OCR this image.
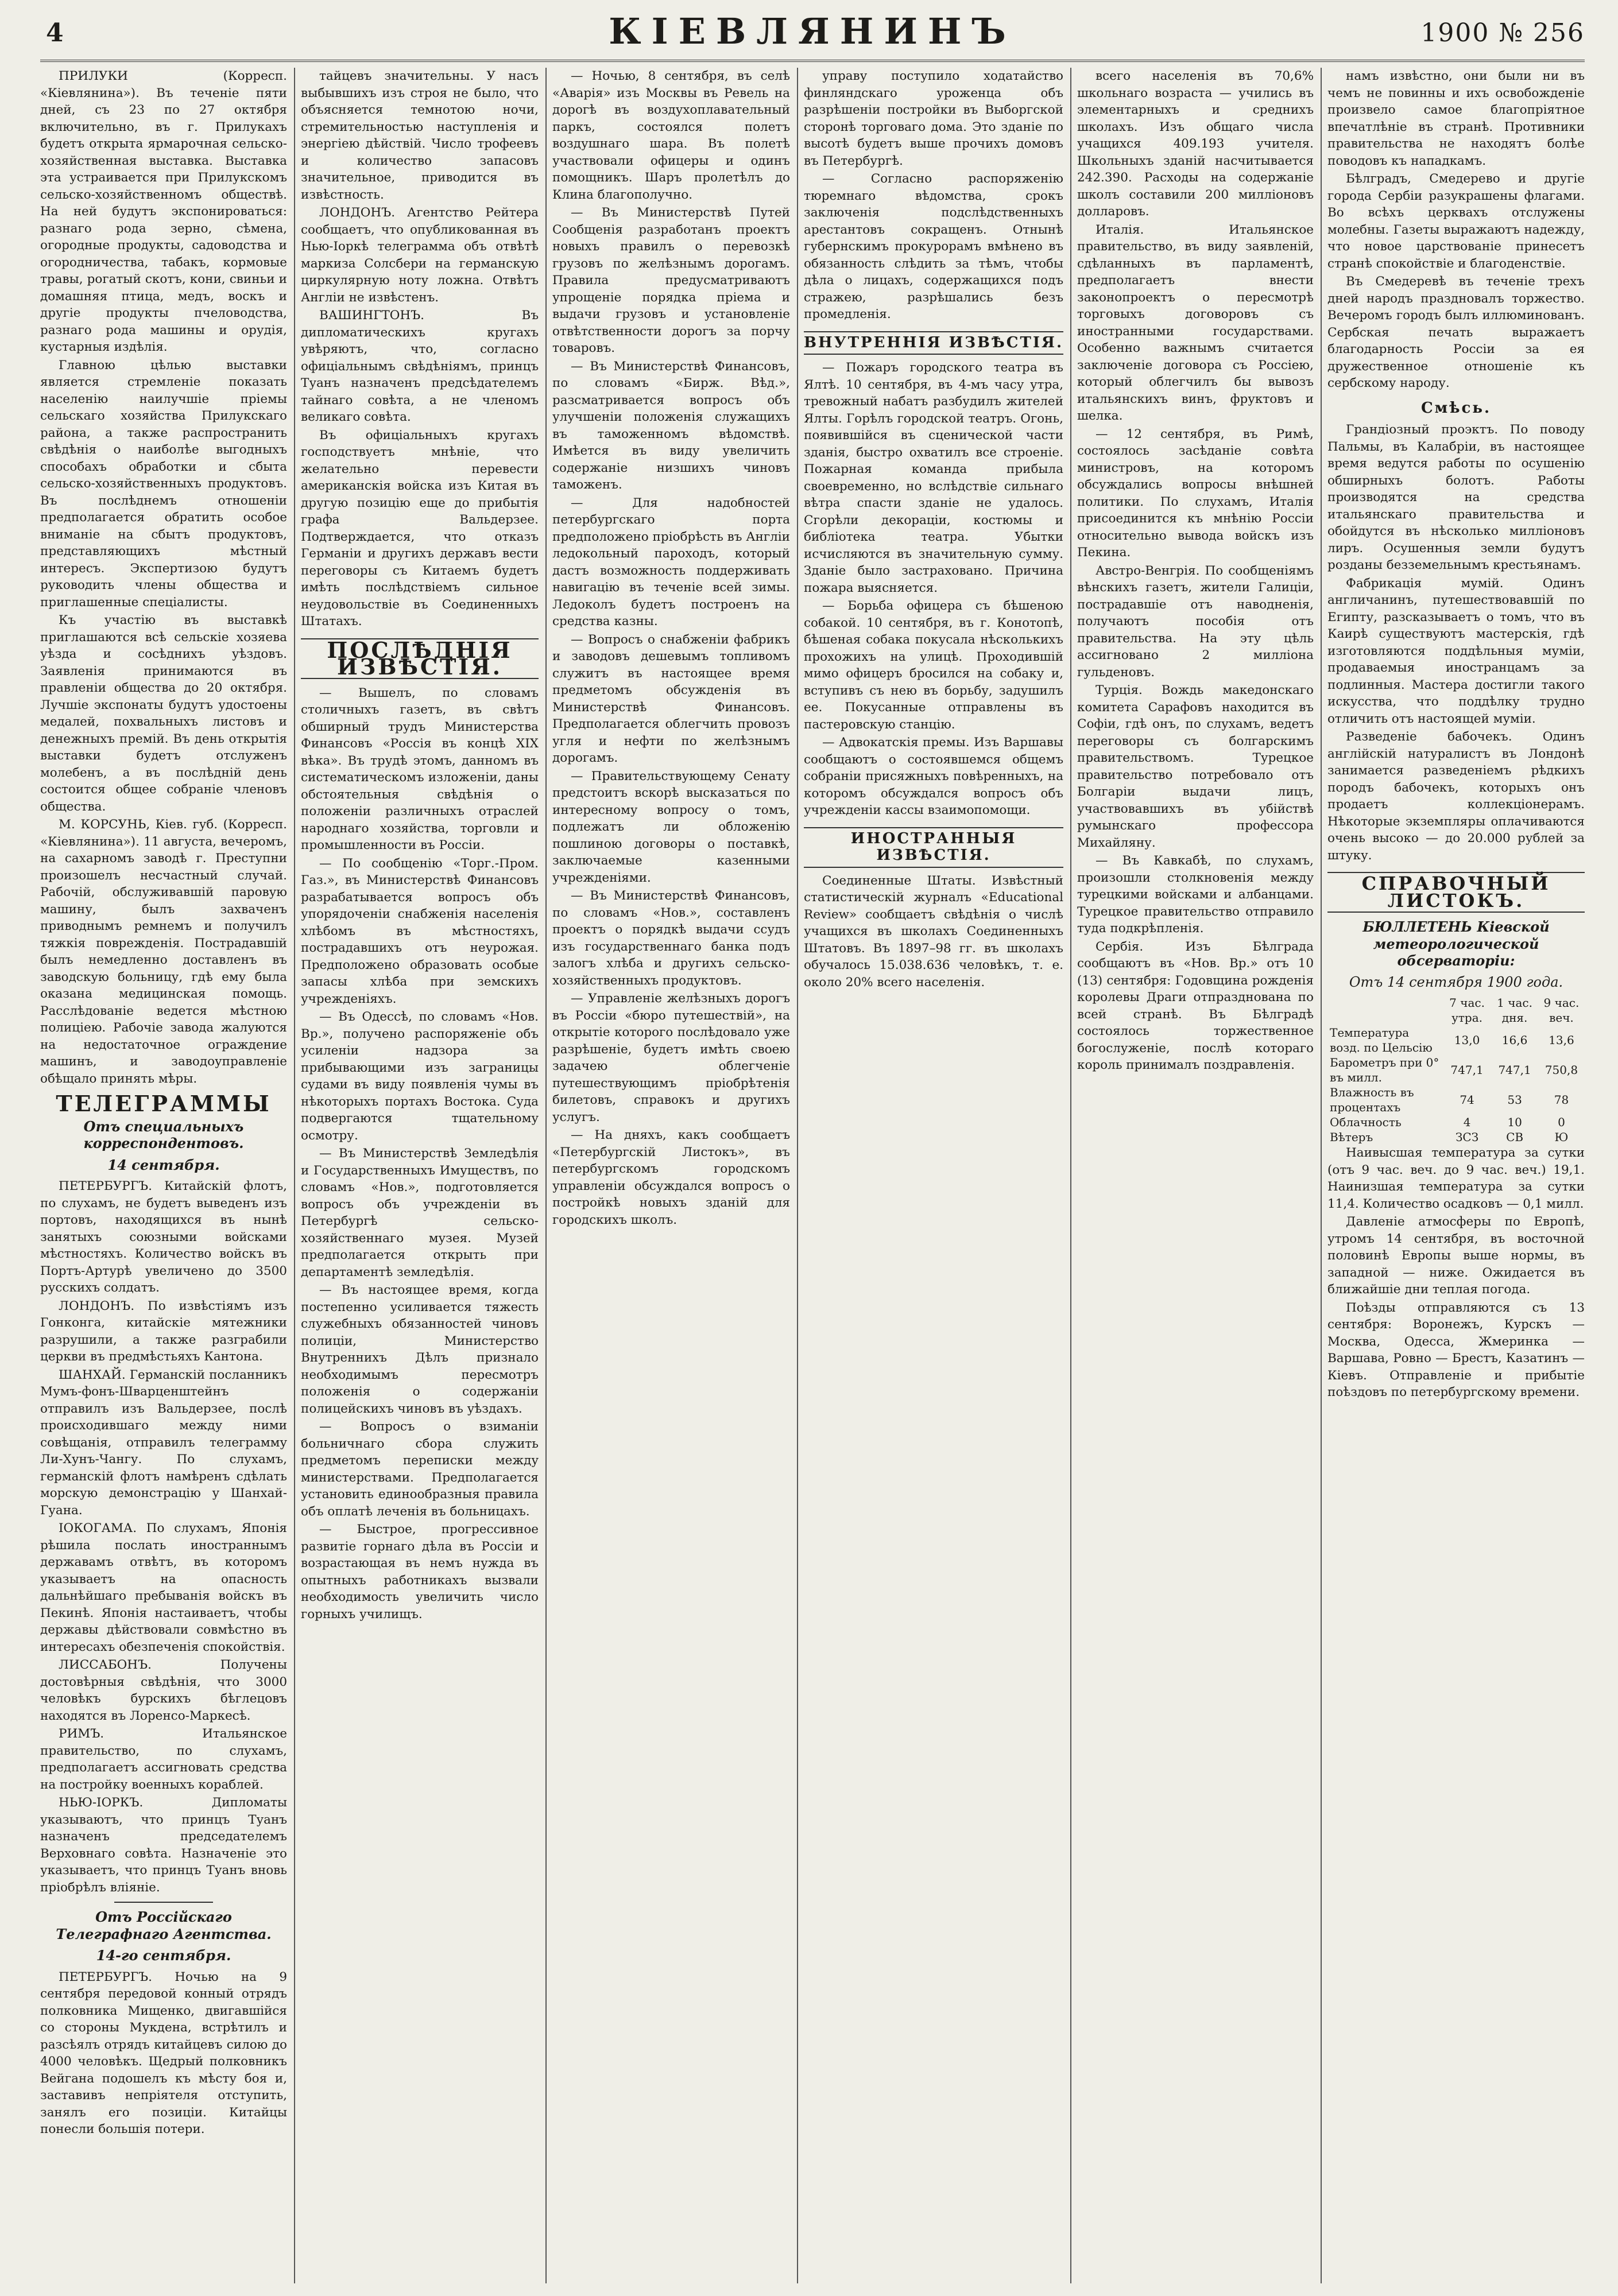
4	КІЕВЛЯНИНЪ	1900 № 256

ПРИЛУКИ (Корресп. «Кіевлянина»). Въ теченіе пяти дней, съ 23 по 27 октября включительно, въ г. Прилукахъ будетъ открыта ярмарочная сельско-хозяйственная выставка. Выставка эта устраивается при Прилукскомъ сельско-хозяйственномъ обществѣ. На ней будутъ экспонироваться: разнаго рода зерно, сѣмена, огородные продукты, садоводства и огородничества, табакъ, кормовые травы, рогатый скотъ, кони, свиньи и домашняя птица, медъ, воскъ и другіе продукты пчеловодства, разнаго рода машины и орудія, кустарныя издѣлія.

Главною цѣлью выставки является стремленіе показать населенію наилучшіе пріемы сельскаго хозяйства Прилукскаго района, а также распространить свѣдѣнія о наиболѣе выгодныхъ способахъ обработки и сбыта сельско-хозяйственныхъ продуктовъ. Въ послѣднемъ отношеніи предполагается обратить особое вниманіе на сбытъ продуктовъ, представляющихъ мѣстный интересъ. Экспертизою будутъ руководить члены общества и приглашенные спеціалисты.

Къ участію въ выставкѣ приглашаются всѣ сельскіе хозяева уѣзда и сосѣднихъ уѣздовъ. Заявленія принимаются въ правленіи общества до 20 октября. Лучшіе экспонаты будутъ удостоены медалей, похвальныхъ листовъ и денежныхъ премій. Въ день открытія выставки будетъ отслуженъ молебенъ, а въ послѣдній день состоится общее собраніе членовъ общества.

М. КОРСУНЬ, Кіев. губ. (Корресп. «Кіевлянина»). 11 августа, вечеромъ, на сахарномъ заводѣ г. Преступни произошелъ несчастный случай. Рабочій, обслуживавшій паровую машину, былъ захваченъ приводнымъ ремнемъ и получилъ тяжкія поврежденія. Пострадавшій былъ немедленно доставленъ въ заводскую больницу, гдѣ ему была оказана медицинская помощь. Расслѣдованіе ведется мѣстною полиціею. Рабочіе завода жалуются на недостаточное ограждение машинъ, и заводоуправленіе обѣщало принять мѣры.

ТЕЛЕГРАММЫ
Отъ специальныхъ корреспондентовъ.
14 сентября.

ПЕТЕРБУРГЪ. Китайскій флотъ, по слухамъ, не будетъ выведенъ изъ портовъ, находящихся въ нынѣ занятыхъ союзными войсками мѣстностяхъ. Количество войскъ въ Портъ-Артурѣ увеличено до 3500 русскихъ солдатъ.

ЛОНДОНЪ. По извѣстіямъ изъ Гонконга, китайскіе мятежники разрушили, а также разграбили церкви въ предмѣстьяхъ Кантона.

ШАНХАЙ. Германскій посланникъ Мумъ-фонъ-Шварценштейнъ отправилъ изъ Вальдерзее, послѣ происходившаго между ними совѣщанія, отправилъ телеграмму Ли-Хунъ-Чангу. По слухамъ, германскій флотъ намѣренъ сдѣлать морскую демонстрацію у Шанхай-Гуана.

ІОКОГАМА. По слухамъ, Японія рѣшила послать иностраннымъ державамъ отвѣтъ, въ которомъ указываетъ на опасность дальнѣйшаго пребыванія войскъ въ Пекинѣ. Японія настаиваетъ, чтобы державы дѣйствовали совмѣстно въ интересахъ обезпеченія спокойствія.

ЛИССАБОНЪ. Получены достовѣрныя свѣдѣнія, что 3000 человѣкъ бурскихъ бѣглецовъ находятся въ Лоренсо-Маркесѣ.

РИМЪ. Итальянское правительство, по слухамъ, предполагаетъ ассигновать средства на постройку военныхъ кораблей.

НЬЮ-ІОРКЪ. Дипломаты указываютъ, что принцъ Туанъ назначенъ председателемъ Верховнаго совѣта. Назначеніе это указываетъ, что принцъ Туанъ вновь пріобрѣлъ вліяніе.

Отъ Россійскаго Телеграфнаго Агентства.
14-го сентября.

ПЕТЕРБУРГЪ. Ночью на 9 сентября передовой конный отрядъ полковника Мищенко, двигавшійся со стороны Мукдена, встрѣтилъ и разсѣялъ отрядъ китайцевъ силою до 4000 человѣкъ. Щедрый полковникъ Вейгана подошелъ къ мѣсту боя и, заставивъ непріятеля отступить, занялъ его позиціи. Китайцы понесли большія потери.

тайцевъ значительны. У насъ выбывшихъ изъ строя не было, что объясняется темнотою ночи, стремительностью наступленія и энергіею дѣйствій. Число трофеевъ и количество запасовъ значительное, приводится въ извѣстность.

ЛОНДОНЪ. Агентство Рейтера сообщаетъ, что опубликованная въ Нью-Іоркѣ телеграмма объ отвѣтѣ маркиза Солсбери на германскую циркулярную ноту ложна. Отвѣтъ Англіи не извѣстенъ.

ВАШИНГТОНЪ. Въ дипломатическихъ кругахъ увѣряютъ, что, согласно офиціальнымъ свѣдѣніямъ, принцъ Туанъ назначенъ предсѣдателемъ тайнаго совѣта, а не членомъ великаго совѣта.

Въ офиціальныхъ кругахъ господствуетъ мнѣніе, что желательно перевести американскія войска изъ Китая въ другую позицію еще до прибытія графа Вальдерзее. Подтверждается, что отказъ Германіи и другихъ державъ вести переговоры съ Китаемъ будетъ имѣть послѣдствіемъ сильное неудовольствіе въ Соединенныхъ Штатахъ.

ПОСЛѢДНІЯ ИЗВѢСТІЯ.

— Вышелъ, по словамъ столичныхъ газетъ, въ свѣтъ обширный трудъ Министерства Финансовъ «Россія въ концѣ XIX вѣка». Въ трудѣ этомъ, данномъ въ систематическомъ изложеніи, даны обстоятельныя свѣдѣнія о положеніи различныхъ отраслей народнаго хозяйства, торговли и промышленности въ Россіи.

— По сообщенію «Торг.-Пром. Газ.», въ Министерствѣ Финансовъ разрабатывается вопросъ объ упорядоченіи снабженія населенія хлѣбомъ въ мѣстностяхъ, пострадавшихъ отъ неурожая. Предположено образовать особые запасы хлѣба при земскихъ учрежденіяхъ.

— Въ Одессѣ, по словамъ «Нов. Вр.», получено распоряженіе объ усиленіи надзора за прибывающими изъ заграницы судами въ виду появленія чумы въ нѣкоторыхъ портахъ Востока. Суда подвергаются тщательному осмотру.

— Въ Министерствѣ Земледѣлія и Государственныхъ Имуществъ, по словамъ «Нов.», подготовляется вопросъ объ учрежденіи въ Петербургѣ сельско-хозяйственнаго музея. Музей предполагается открыть при департаментѣ земледѣлія.

— Въ настоящее время, когда постепенно усиливается тяжесть служебныхъ обязанностей чиновъ полиціи, Министерство Внутреннихъ Дѣлъ признало необходимымъ пересмотръ положенія о содержаніи полицейскихъ чиновъ въ уѣздахъ.

— Вопросъ о взиманіи больничнаго сбора служить предметомъ переписки между министерствами. Предполагается установить единообразныя правила объ оплатѣ леченія въ больницахъ.

— Быстрое, прогрессивное развитіе горнаго дѣла въ Россіи и возрастающая въ немъ нужда въ опытныхъ работникахъ вызвали необходимость увеличить число горныхъ училищъ.

— Ночью, 8 сентября, въ селѣ «Аварія» изъ Москвы въ Ревель на дорогѣ въ воздухоплавательный паркъ, состоялся полетъ воздушнаго шара. Въ полетѣ участвовали офицеры и одинъ помощникъ. Шаръ пролетѣлъ до Клина благополучно.

— Въ Министерствѣ Путей Сообщенія разработанъ проектъ новыхъ правилъ о перевозкѣ грузовъ по желѣзнымъ дорогамъ. Правила предусматриваютъ упрощеніе порядка пріема и выдачи грузовъ и установленіе отвѣтственности дорогъ за порчу товаровъ.

— Въ Министерствѣ Финансовъ, по словамъ «Бирж. Вѣд.», разсматривается вопросъ объ улучшеніи положенія служащихъ въ таможенномъ вѣдомствѣ. Имѣется въ виду увеличить содержаніе низшихъ чиновъ таможенъ.

— Для надобностей петербургскаго порта предположено пріобрѣсть въ Англіи ледокольный пароходъ, который дастъ возможность поддерживать навигацію въ теченіе всей зимы. Ледоколъ будетъ построенъ на средства казны.

— Вопросъ о снабженіи фабрикъ и заводовъ дешевымъ топливомъ служитъ въ настоящее время предметомъ обсужденія въ Министерствѣ Финансовъ. Предполагается облегчить провозъ угля и нефти по желѣзнымъ дорогамъ.

— Правительствующему Сенату предстоитъ вскорѣ высказаться по интересному вопросу о томъ, подлежатъ ли обложенію пошлиною договоры о поставкѣ, заключаемые казенными учрежденіями.

— Въ Министерствѣ Финансовъ, по словамъ «Нов.», составленъ проектъ о порядкѣ выдачи ссудъ изъ государственнаго банка подъ залогъ хлѣба и другихъ сельско-хозяйственныхъ продуктовъ.

— Управленіе желѣзныхъ дорогъ въ Россіи «бюро путешествій», на открытіе которого послѣдовало уже разрѣшеніе, будетъ имѣть своею задачею облегченіе путешествующимъ пріобрѣтенія билетовъ, справокъ и другихъ услугъ.

— На дняхъ, какъ сообщаетъ «Петербургскій Листокъ», въ петербургскомъ городскомъ управленіи обсуждался вопросъ о постройкѣ новыхъ зданій для городскихъ школъ.

управу поступило ходатайство финляндскаго уроженца объ разрѣшеніи постройки въ Выборгской сторонѣ торговаго дома. Это зданіе по высотѣ будетъ выше прочихъ домовъ въ Петербургѣ.

— Согласно распоряженію тюремнаго вѣдомства, срокъ заключенія подслѣдственныхъ арестантовъ сокращенъ. Отнынѣ губернскимъ прокурорамъ вмѣнено въ обязанность слѣдить за тѣмъ, чтобы дѣла о лицахъ, содержащихся подъ стражею, разрѣшались безъ промедленія.

ВНУТРЕННІЯ ИЗВѢСТІЯ.

— Пожаръ городского театра въ Ялтѣ. 10 сентября, въ 4-мъ часу утра, тревожный набатъ разбудилъ жителей Ялты. Горѣлъ городской театръ. Огонь, появившійся въ сценической части зданія, быстро охватилъ все строеніе. Пожарная команда прибыла своевременно, но вслѣдствіе сильнаго вѣтра спасти зданіе не удалось. Сгорѣли декораціи, костюмы и библіотека театра. Убытки исчисляются въ значительную сумму. Зданіе было застраховано. Причина пожара выясняется.

— Борьба офицера съ бѣшеною собакой. 10 сентября, въ г. Конотопѣ, бѣшеная собака покусала нѣсколькихъ прохожихъ на улицѣ. Проходившій мимо офицеръ бросился на собаку и, вступивъ съ нею въ борьбу, задушилъ ее. Покусанные отправлены въ пастеровскую станцію.

— Адвокатскія премы. Изъ Варшавы сообщаютъ о состоявшемся общемъ собраніи присяжныхъ повѣренныхъ, на которомъ обсуждался вопросъ объ учрежденіи кассы взаимопомощи.

ИНОСТРАННЫЯ ИЗВѢСТІЯ.

Соединенные Штаты. Извѣстный статистическій журналъ «Educational Review» сообщаетъ свѣдѣнія о числѣ учащихся въ школахъ Соединенныхъ Штатовъ. Въ 1897–98 гг. въ школахъ обучалось 15.038.636 человѣкъ, т. е. около 20% всего населенія.

всего населенія въ 70,6% школьнаго возраста — учились въ элементарныхъ и среднихъ школахъ. Изъ общаго числа учащихся 409.193 учителя. Школьныхъ зданій насчитывается 242.390. Расходы на содержаніе школъ составили 200 милліоновъ долларовъ.

Италія. Итальянское правительство, въ виду заявленій, сдѣланныхъ въ парламентѣ, предполагаетъ внести законопроектъ о пересмотрѣ торговыхъ договоровъ съ иностранными государствами. Особенно важнымъ считается заключеніе договора съ Россіею, который облегчилъ бы вывозъ итальянскихъ винъ, фруктовъ и шелка.

— 12 сентября, въ Римѣ, состоялось засѣданіе совѣта министровъ, на которомъ обсуждались вопросы внѣшней политики. По слухамъ, Италія присоединится къ мнѣнію Россіи относительно вывода войскъ изъ Пекина.

Австро-Венгрія. По сообщеніямъ вѣнскихъ газетъ, жители Галиціи, пострадавшіе отъ наводненія, получаютъ пособія отъ правительства. На эту цѣль ассигновано 2 милліона гульденовъ.

Турція. Вождь македонскаго комитета Сарафовъ находится въ Софіи, гдѣ онъ, по слухамъ, ведетъ переговоры съ болгарскимъ правительствомъ. Турецкое правительство потребовало отъ Болгаріи выдачи лицъ, участвовавшихъ въ убійствѣ румынскаго профессора Михайляну.

— Въ Кавкабѣ, по слухамъ, произошли столкновенія между турецкими войсками и албанцами. Турецкое правительство отправило туда подкрѣпленія.

Сербія. Изъ Бѣлграда сообщаютъ въ «Нов. Вр.» отъ 10 (13) сентября: Годовщина рожденія королевы Драги отпразднована по всей странѣ. Въ Бѣлградѣ состоялось торжественное богослуженіе, послѣ котораго король принималъ поздравленія.

намъ извѣстно, они были ни въ чемъ не повинны и ихъ освобожденіе произвело самое благопріятное впечатлѣніе въ странѣ. Противники правительства не находятъ болѣе поводовъ къ нападкамъ.

Бѣлградъ, Смедерево и другіе города Сербіи разукрашены флагами. Во всѣхъ церквахъ отслужены молебны. Газеты выражаютъ надежду, что новое царствованіе принесетъ странѣ спокойствіе и благоденствіе.

Въ Смедеревѣ въ теченіе трехъ дней народъ праздновалъ торжество. Вечеромъ городъ былъ иллюминованъ. Сербская печать выражаетъ благодарность Россіи за ея дружественное отношеніе къ сербскому народу.

Смѣсь.

Грандіозный проэктъ. По поводу Пальмы, въ Калабріи, въ настоящее время ведутся работы по осушенію обширныхъ болотъ. Работы производятся на средства итальянскаго правительства и обойдутся въ нѣсколько милліоновъ лиръ. Осушенныя земли будутъ розданы безземельнымъ крестьянамъ.

Фабрикація мумій. Одинъ англичанинъ, путешествовавшій по Египту, разсказываетъ о томъ, что въ Каирѣ существуютъ мастерскія, гдѣ изготовляются поддѣльныя муміи, продаваемыя иностранцамъ за подлинныя. Мастера достигли такого искусства, что поддѣлку трудно отличить отъ настоящей муміи.

Разведеніе бабочекъ. Одинъ англійскій натуралистъ въ Лондонѣ занимается разведеніемъ рѣдкихъ породъ бабочекъ, которыхъ онъ продаетъ коллекціонерамъ. Нѣкоторые экземпляры оплачиваются очень высоко — до 20.000 рублей за штуку.

СПРАВОЧНЫЙ ЛИСТОКЪ.
БЮЛЛЕТЕНЬ Кіевской метеорологической обсерваторіи:
Отъ 14 сентября 1900 года.
	7 час. утра.	1 час. дня.	9 час. веч.
Температура возд. по Цельсію	13,0	16,6	13,6
Барометръ при 0° въ милл.	747,1	747,1	750,8
Влажность въ процентахъ	74	53	78
Облачность	4	10	0
Вѣтеръ	ЗСЗ	СВ	Ю

Наивысшая температура за сутки (отъ 9 час. веч. до 9 час. веч.) 19,1. Наинизшая температура за сутки 11,4. Количество осадковъ — 0,1 милл.

Давленіе атмосферы по Европѣ, утромъ 14 сентября, въ восточной половинѣ Европы выше нормы, въ западной — ниже. Ожидается въ ближайшіе дни теплая погода.

Поѣзды отправляются съ 13 сентября: Воронежъ, Курскъ — Москва, Одесса, Жмеринка — Варшава, Ровно — Брестъ, Казатинъ — Кіевъ. Отправленіе и прибытіе поѣздовъ по петербургскому времени.
